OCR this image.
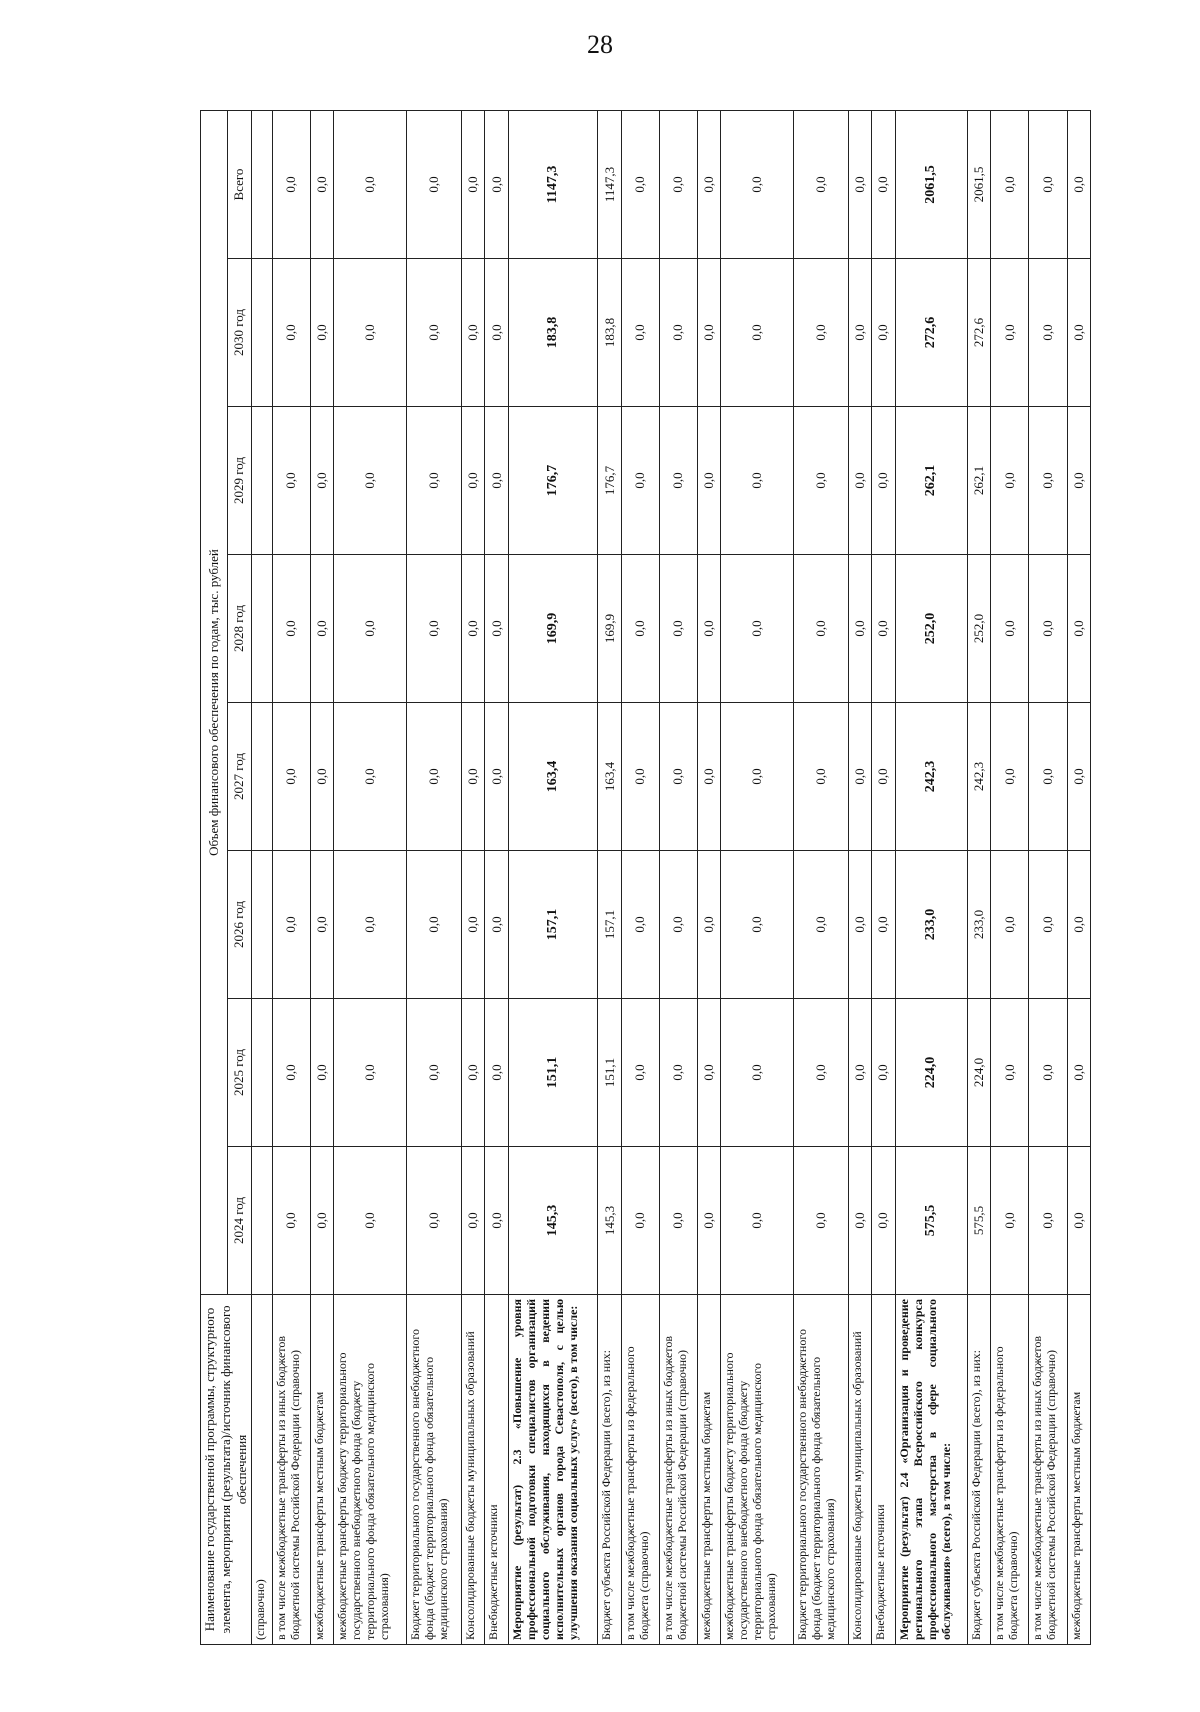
28
Наименование государственной программы, структурного элемента, мероприятия (результата)/источник финансового обеспечения	Объем финансового обеспечения по годам, тыс. рублей							
	2024 год	2025 год	2026 год	2027 год	2028 год	2029 год	2030 год	Всего
(справочно)								
в том числе межбюджетные трансферты из иных бюджетов бюджетной системы Российской Федерации (справочно)	0,0	0,0	0,0	0,0	0,0	0,0	0,0	0,0
межбюджетные трансферты местным бюджетам	0,0	0,0	0,0	0,0	0,0	0,0	0,0	0,0
межбюджетные трансферты бюджету территориального государственного внебюджетного фонда (бюджету территориального фонда обязательного медицинского страхования)	0,0	0,0	0,0	0,0	0,0	0,0	0,0	0,0
Бюджет территориального государственного внебюджетного фонда (бюджет территориального фонда обязательного медицинского страхования)	0,0	0,0	0,0	0,0	0,0	0,0	0,0	0,0
Консолидированные бюджеты муниципальных образований	0,0	0,0	0,0	0,0	0,0	0,0	0,0	0,0
Внебюджетные источники	0,0	0,0	0,0	0,0	0,0	0,0	0,0	0,0
Мероприятие (результат) 2.3 «Повышение уровня профессиональной подготовки специалистов организаций социального обслуживания, находящихся в ведении исполнительных органов города Севастополя, с целью улучшения оказания социальных услуг» (всего), в том числе:	145,3	151,1	157,1	163,4	169,9	176,7	183,8	1147,3
Бюджет субъекта Российской Федерации (всего), из них:	145,3	151,1	157,1	163,4	169,9	176,7	183,8	1147,3
в том числе межбюджетные трансферты из федерального бюджета (справочно)	0,0	0,0	0,0	0,0	0,0	0,0	0,0	0,0
в том числе межбюджетные трансферты из иных бюджетов бюджетной системы Российской Федерации (справочно)	0,0	0,0	0,0	0,0	0,0	0,0	0,0	0,0
межбюджетные трансферты местным бюджетам	0,0	0,0	0,0	0,0	0,0	0,0	0,0	0,0
межбюджетные трансферты бюджету территориального государственного внебюджетного фонда (бюджету территориального фонда обязательного медицинского страхования)	0,0	0,0	0,0	0,0	0,0	0,0	0,0	0,0
Бюджет территориального государственного внебюджетного фонда (бюджет территориального фонда обязательного медицинского страхования)	0,0	0,0	0,0	0,0	0,0	0,0	0,0	0,0
Консолидированные бюджеты муниципальных образований	0,0	0,0	0,0	0,0	0,0	0,0	0,0	0,0
Внебюджетные источники	0,0	0,0	0,0	0,0	0,0	0,0	0,0	0,0
Мероприятие (результат) 2.4 «Организация и проведение регионального этапа Всероссийского конкурса профессионального мастерства в сфере социального обслуживания» (всего), в том числе:	575,5	224,0	233,0	242,3	252,0	262,1	272,6	2061,5
Бюджет субъекта Российской Федерации (всего), из них:	575,5	224,0	233,0	242,3	252,0	262,1	272,6	2061,5
в том числе межбюджетные трансферты из федерального бюджета (справочно)	0,0	0,0	0,0	0,0	0,0	0,0	0,0	0,0
в том числе межбюджетные трансферты из иных бюджетов бюджетной системы Российской Федерации (справочно)	0,0	0,0	0,0	0,0	0,0	0,0	0,0	0,0
межбюджетные трансферты местным бюджетам	0,0	0,0	0,0	0,0	0,0	0,0	0,0	0,0
